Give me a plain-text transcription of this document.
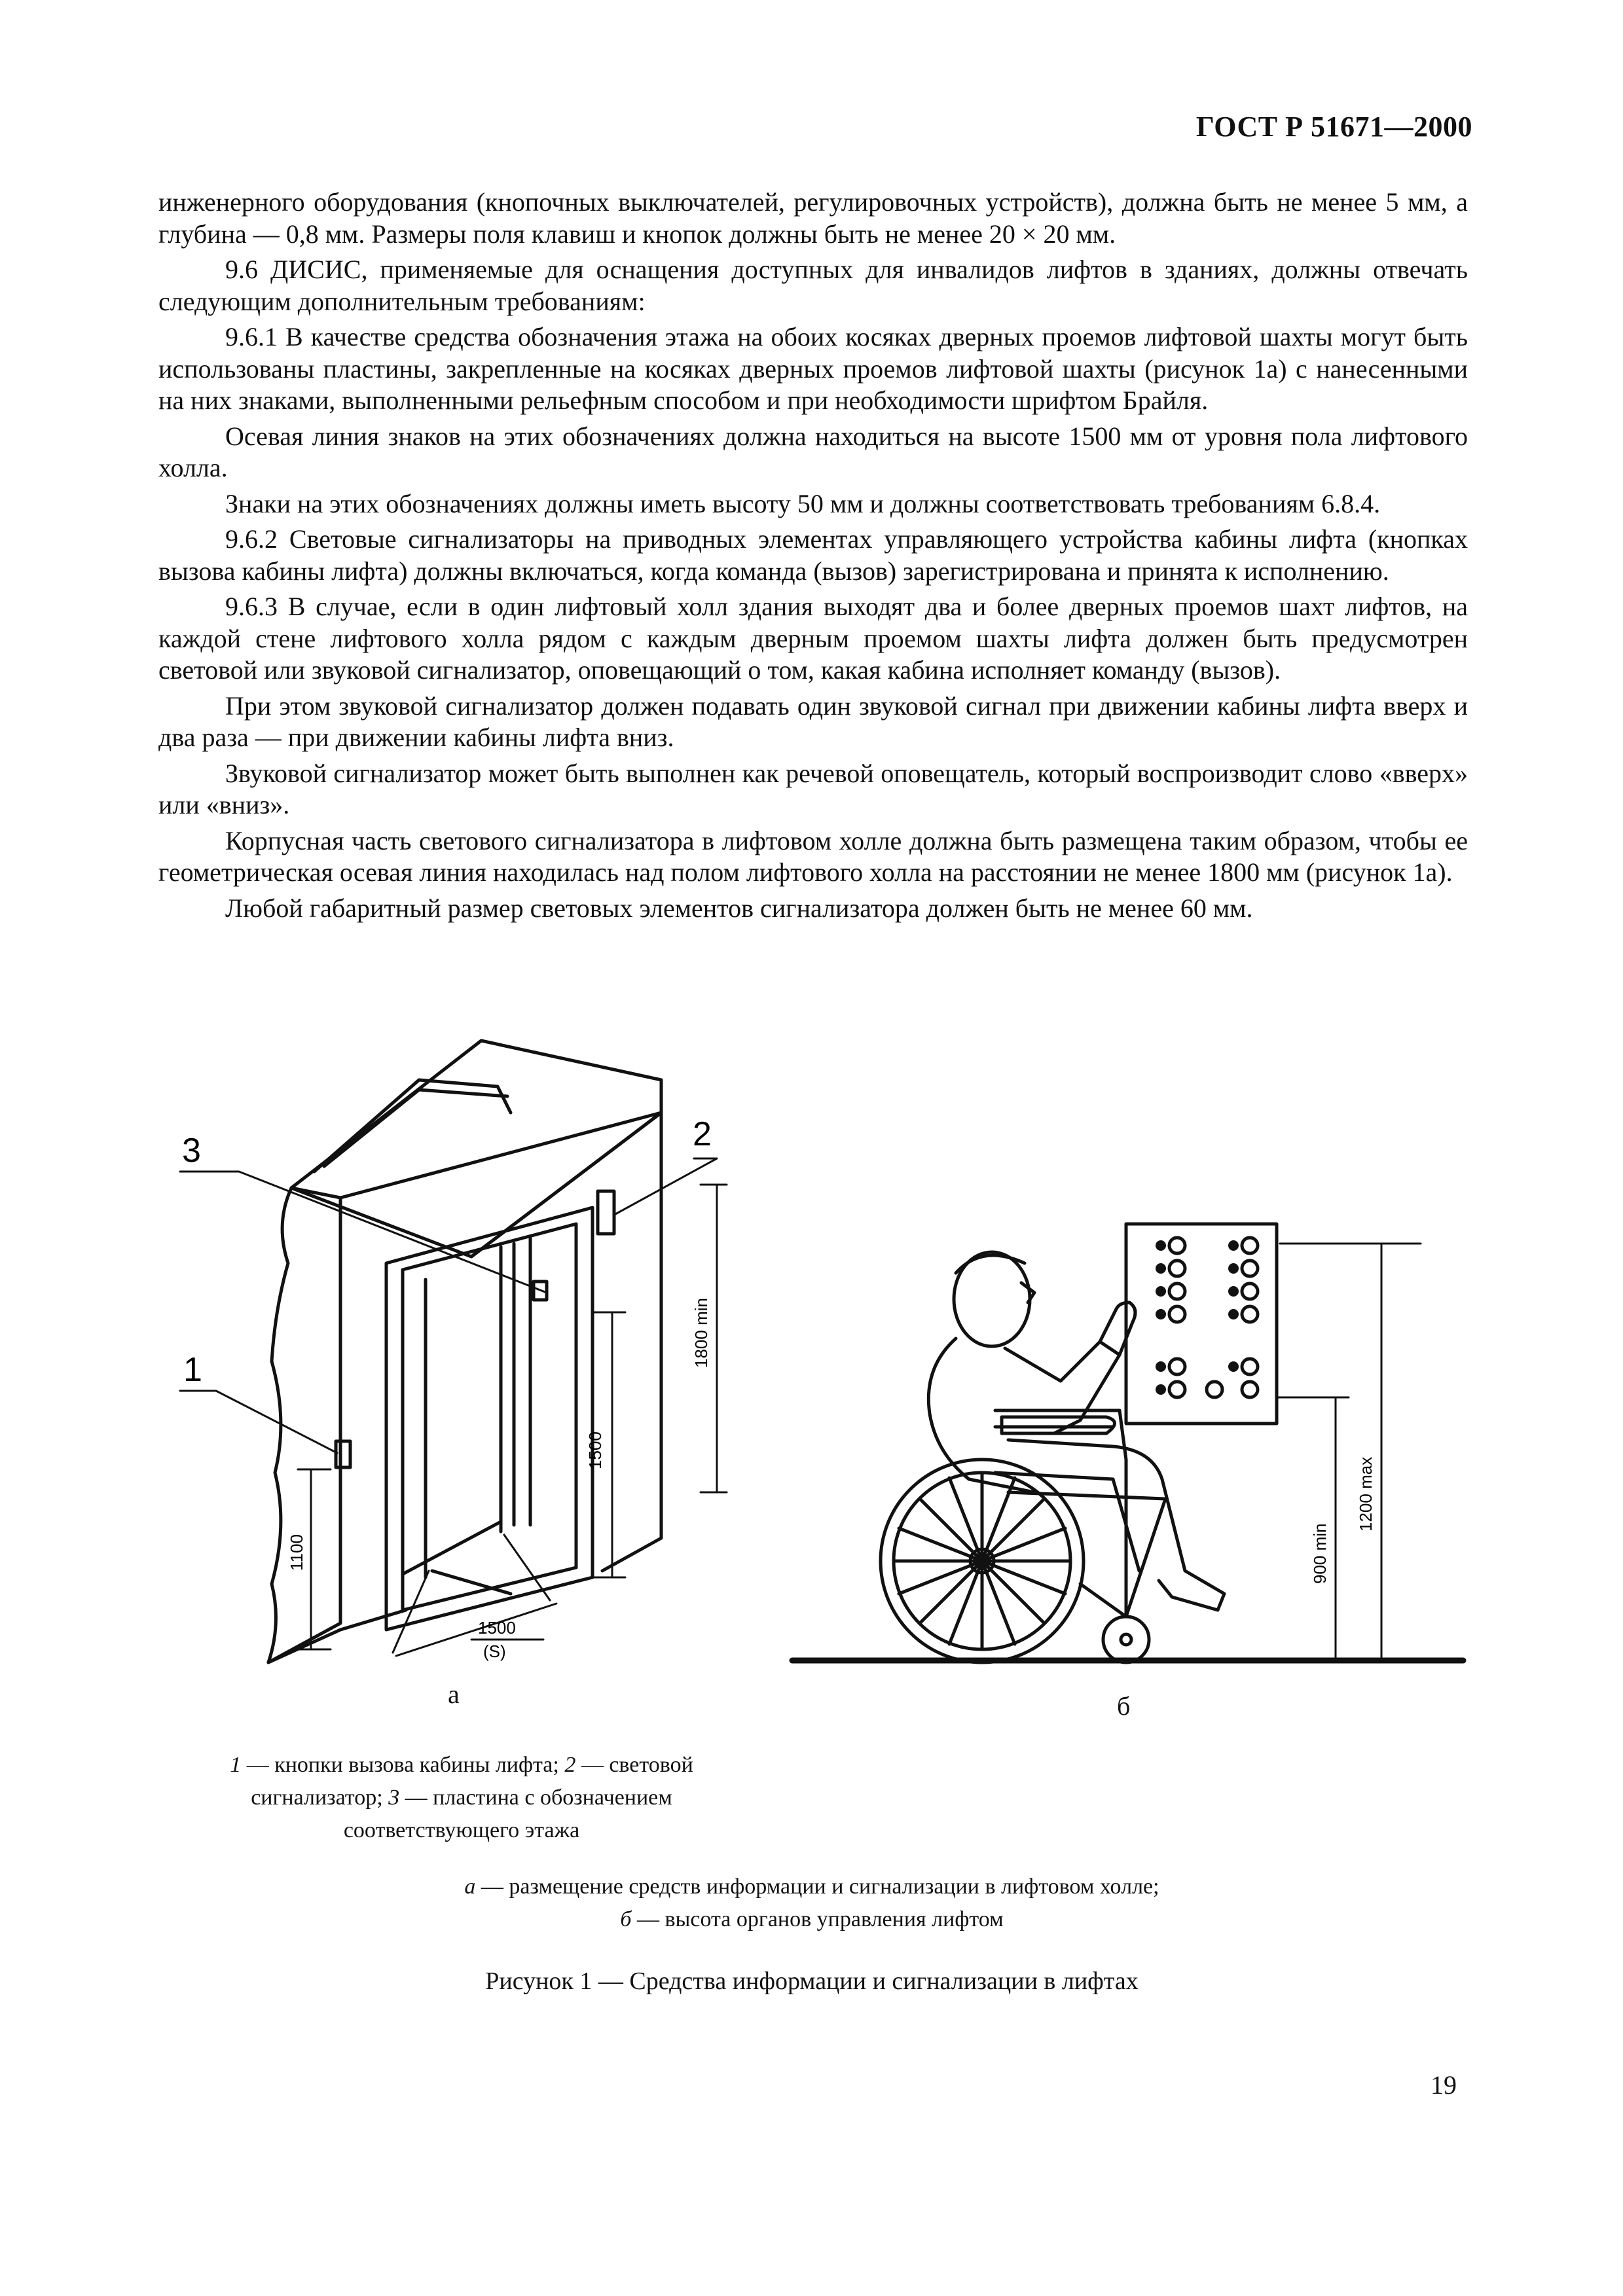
ГОСТ Р 51671—2000

инженерного оборудования (кнопочных выключателей, регулировочных устройств), должна быть не менее 5 мм, а глубина — 0,8 мм. Размеры поля клавиш и кнопок должны быть не менее 20 × 20 мм.

9.6 ДИСИС, применяемые для оснащения доступных для инвалидов лифтов в зданиях, должны отвечать следующим дополнительным требованиям:

9.6.1 В качестве средства обозначения этажа на обоих косяках дверных проемов лифтовой шахты могут быть использованы пластины, закрепленные на косяках дверных проемов лифтовой шахты (рисунок 1а) с нанесенными на них знаками, выполненными рельефным способом и при необходимости шрифтом Брайля.

Осевая линия знаков на этих обозначениях должна находиться на высоте 1500 мм от уровня пола лифтового холла.

Знаки на этих обозначениях должны иметь высоту 50 мм и должны соответствовать требованиям 6.8.4.

9.6.2 Световые сигнализаторы на приводных элементах управляющего устройства кабины лифта (кнопках вызова кабины лифта) должны включаться, когда команда (вызов) зарегистрирована и принята к исполнению.

9.6.3 В случае, если в один лифтовый холл здания выходят два и более дверных проемов шахт лифтов, на каждой стене лифтового холла рядом с каждым дверным проемом шахты лифта должен быть предусмотрен световой или звуковой сигнализатор, оповещающий о том, какая кабина исполняет команду (вызов).

При этом звуковой сигнализатор должен подавать один звуковой сигнал при движении кабины лифта вверх и два раза — при движении кабины лифта вниз.

Звуковой сигнализатор может быть выполнен как речевой оповещатель, который воспроизводит слово «вверх» или «вниз».

Корпусная часть светового сигнализатора в лифтовом холле должна быть размещена таким образом, чтобы ее геометрическая осевая линия находилась над полом лифтового холла на расстоянии не менее 1800 мм (рисунок 1а).

Любой габаритный размер световых элементов сигнализатора должен быть не менее 60 мм.

3	2
1
1800 min
1500
1100
1500
(S)
900 min
1200 max
а	б
1 — кнопки вызова кабины лифта; 2 — световой сигнализатор; 3 — пластина с обозначением соответствующего этажа
а — размещение средств информации и сигнализации в лифтовом холле;
б — высота органов управления лифтом
Рисунок 1 — Средства информации и сигнализации в лифтах
19
